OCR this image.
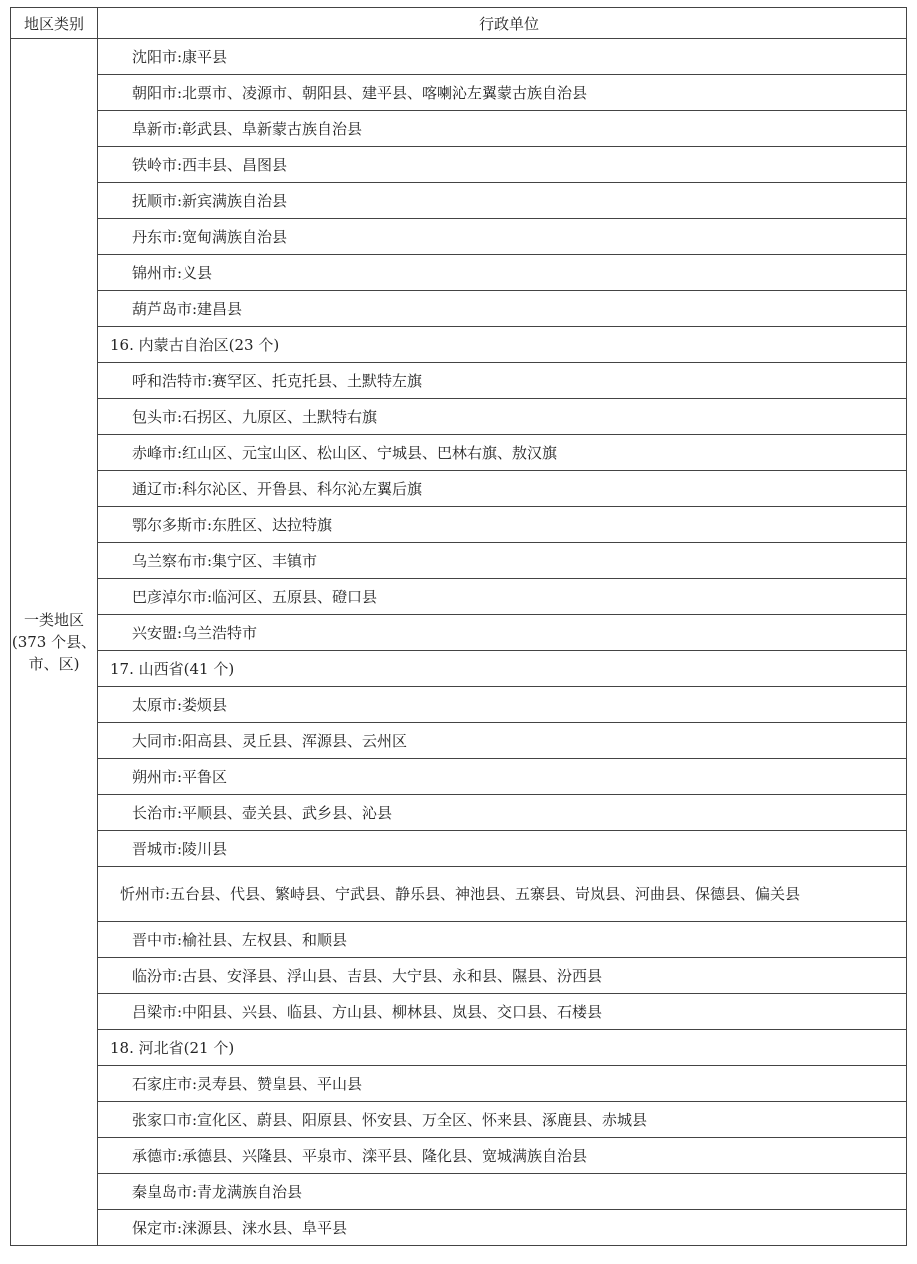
地区类别	行政单位

一类地区
(373 个县、
市、区)	沈阳市:康平县

	朝阳市:北票市、凌源市、朝阳县、建平县、喀喇沁左翼蒙古族自治县

	阜新市:彰武县、阜新蒙古族自治县

	铁岭市:西丰县、昌图县

	抚顺市:新宾满族自治县

	丹东市:宽甸满族自治县

	锦州市:义县

	葫芦岛市:建昌县

	16. 内蒙古自治区(23 个)

	呼和浩特市:赛罕区、托克托县、土默特左旗

	包头市:石拐区、九原区、土默特右旗

	赤峰市:红山区、元宝山区、松山区、宁城县、巴林右旗、敖汉旗

	通辽市:科尔沁区、开鲁县、科尔沁左翼后旗

	鄂尔多斯市:东胜区、达拉特旗

	乌兰察布市:集宁区、丰镇市

	巴彦淖尔市:临河区、五原县、磴口县

	兴安盟:乌兰浩特市

	17. 山西省(41 个)

	太原市:娄烦县

	大同市:阳高县、灵丘县、浑源县、云州区

	朔州市:平鲁区

	长治市:平顺县、壶关县、武乡县、沁县

	晋城市:陵川县

	忻州市:五台县、代县、繁峙县、宁武县、静乐县、神池县、五寨县、岢岚县、河曲县、保德县、偏关县

	晋中市:榆社县、左权县、和顺县

	临汾市:古县、安泽县、浮山县、吉县、大宁县、永和县、隰县、汾西县

	吕梁市:中阳县、兴县、临县、方山县、柳林县、岚县、交口县、石楼县

	18. 河北省(21 个)

	石家庄市:灵寿县、赞皇县、平山县

	张家口市:宣化区、蔚县、阳原县、怀安县、万全区、怀来县、涿鹿县、赤城县

	承德市:承德县、兴隆县、平泉市、滦平县、隆化县、宽城满族自治县

	秦皇岛市:青龙满族自治县

	保定市:涞源县、涞水县、阜平县
